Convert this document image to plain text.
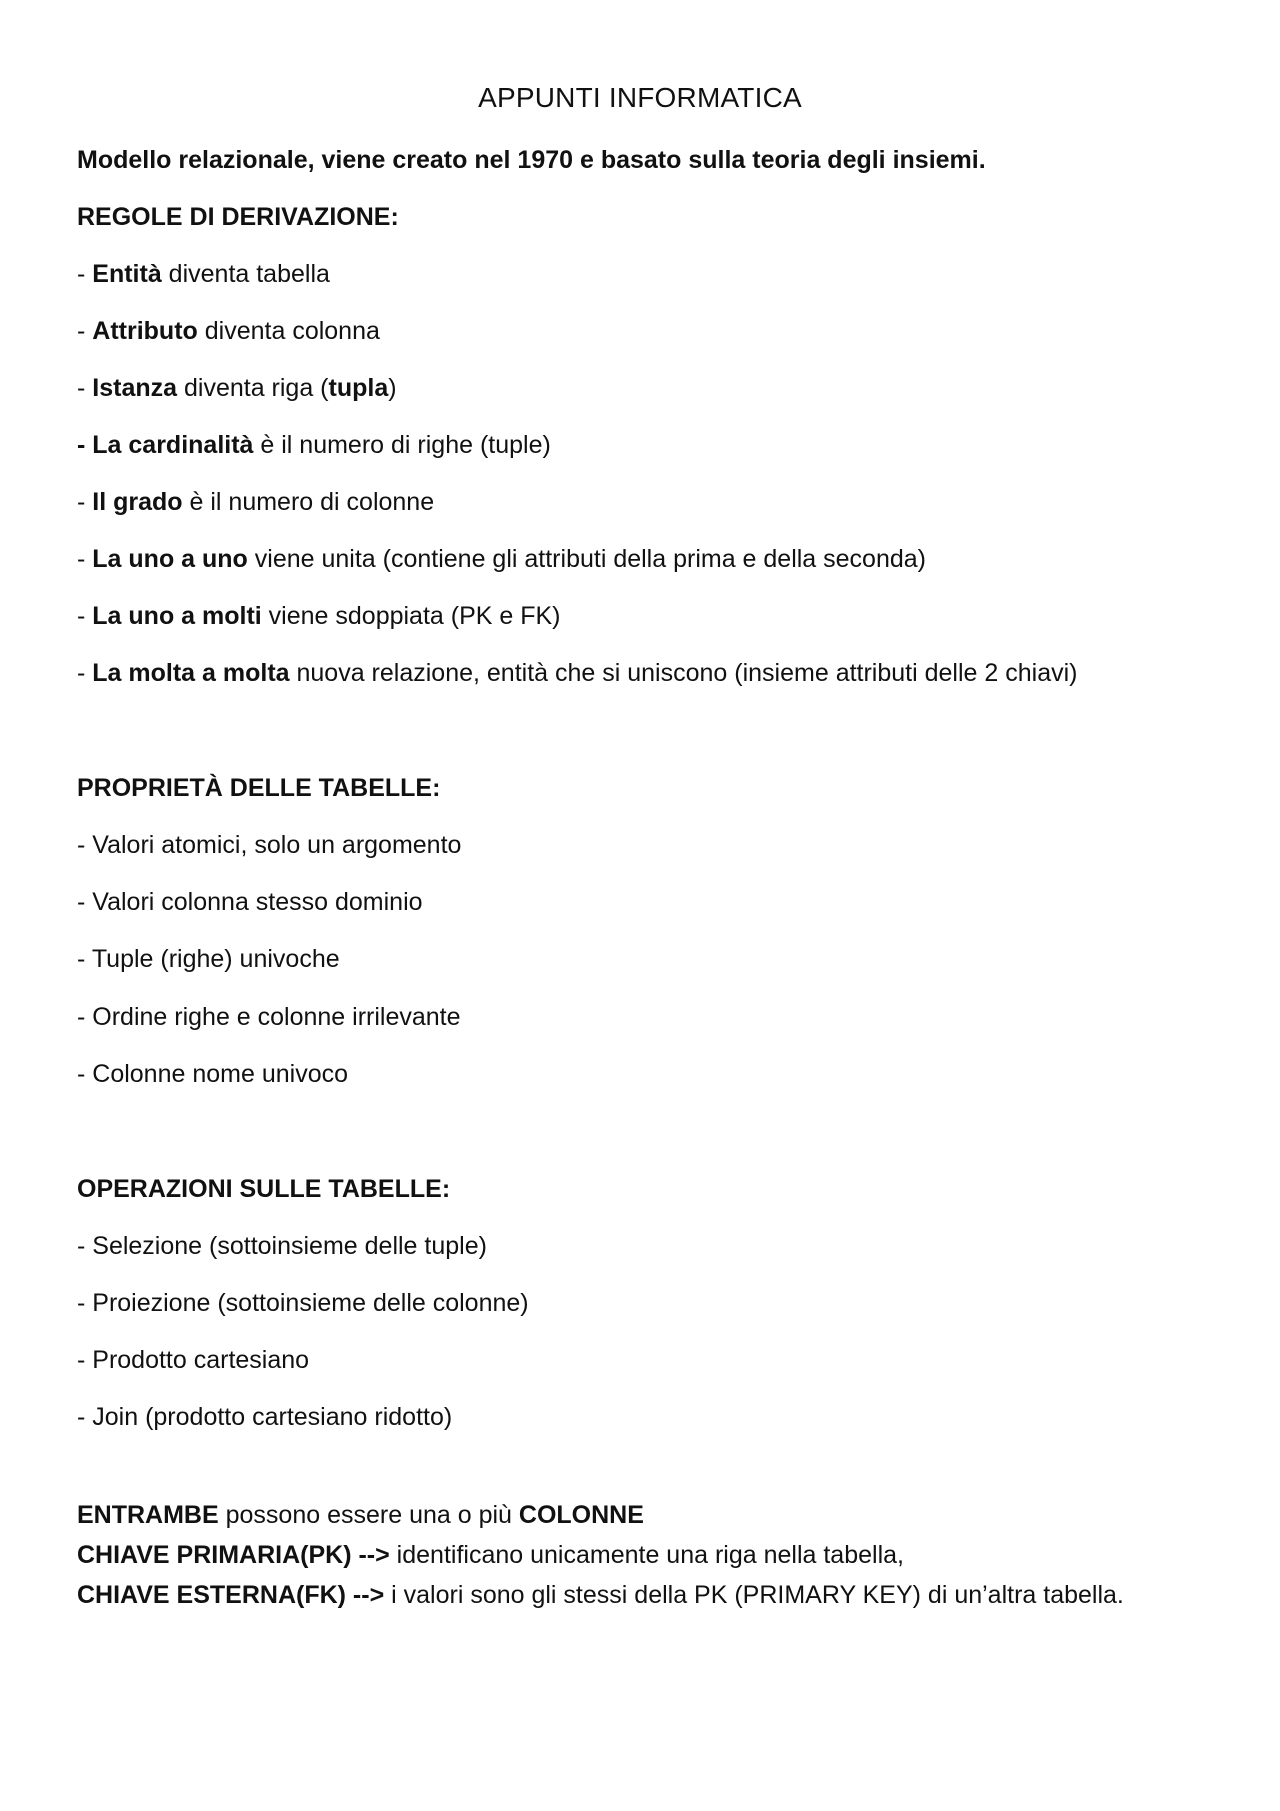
APPUNTI INFORMATICA
Modello relazionale, viene creato nel 1970 e basato sulla teoria degli insiemi.
REGOLE DI DERIVAZIONE:
- Entità diventa tabella
- Attributo diventa colonna
- Istanza diventa riga (tupla)
- La cardinalità è il numero di righe (tuple)
- Il grado è il numero di colonne
- La uno a uno viene unita (contiene gli attributi della prima e della seconda)
- La uno a molti viene sdoppiata (PK e FK)
- La molta a molta nuova relazione, entità che si uniscono (insieme attributi delle 2 chiavi)
PROPRIETÀ DELLE TABELLE:
- Valori atomici, solo un argomento
- Valori colonna stesso dominio
- Tuple (righe) univoche
- Ordine righe e colonne irrilevante
- Colonne nome univoco
OPERAZIONI SULLE TABELLE:
- Selezione (sottoinsieme delle tuple)
- Proiezione (sottoinsieme delle colonne)
- Prodotto cartesiano
- Join (prodotto cartesiano ridotto)
ENTRAMBE possono essere una o più COLONNE
CHIAVE PRIMARIA(PK) --> identificano unicamente una riga nella tabella,
CHIAVE ESTERNA(FK) --> i valori sono gli stessi della PK (PRIMARY KEY) di un’altra tabella.
